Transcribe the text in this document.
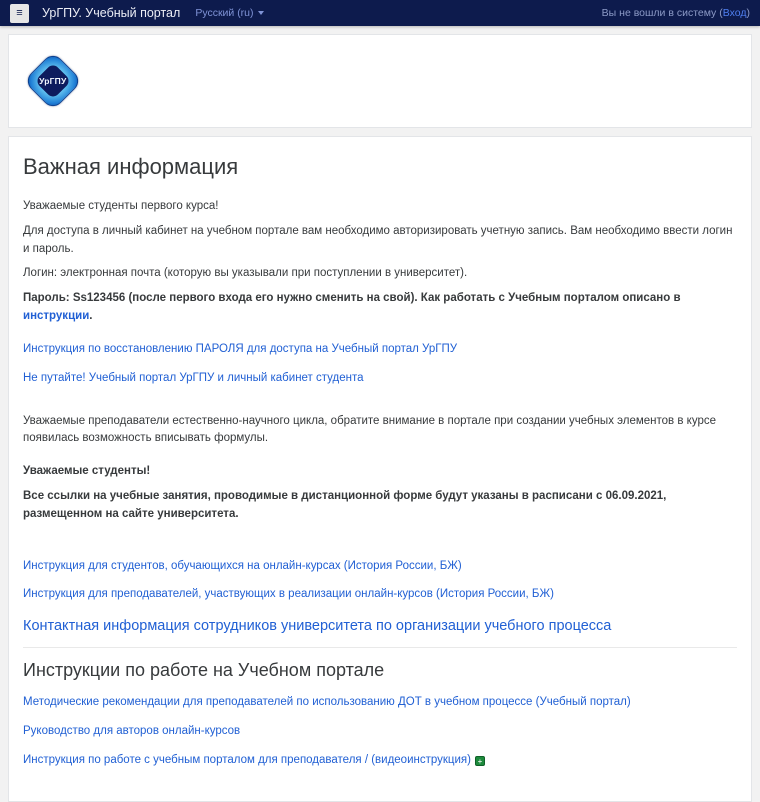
≡	УрГПУ. Учебный портал Русский (ru)	Вы не вошли в систему (Вход)
УрГПУ
Важная информация

Уважаемые студенты первого курса!

Для доступа в личный кабинет на учебном портале вам необходимо авторизировать учетную запись. Вам необходимо ввести логин и пароль.

Логин: электронная почта (которую вы указывали при поступлении в университет).

Пароль: Ss123456 (после первого входа его нужно сменить на свой). Как работать с Учебным порталом описано в инструкции.

Инструкция по восстановлению ПАРОЛЯ для доступа на Учебный портал УрГПУ
Не путайте! Учебный портал УрГПУ и личный кабинет студента

Уважаемые преподаватели естественно-научного цикла, обратите внимание в портале при создании учебных элементов в курсе появилась возможность вписывать формулы.

Уважаемые студенты!

Все ссылки на учебные занятия, проводимые в дистанционной форме будут указаны в расписани с 06.09.2021, размещенном на сайте университета.

Инструкция для студентов, обучающихся на онлайн-курсах (История России, БЖ)
Инструкция для преподавателей, участвующих в реализации онлайн-курсов (История России, БЖ)
Контактная информация сотрудников университета по организации учебного процесса
Инструкции по работе на Учебном портале
Методические рекомендации для преподавателей по использованию ДОТ в учебном процессе (Учебный портал)
Руководство для авторов онлайн-курсов
Инструкция по работе с учебным порталом для преподавателя / (видеоинструкция) +
